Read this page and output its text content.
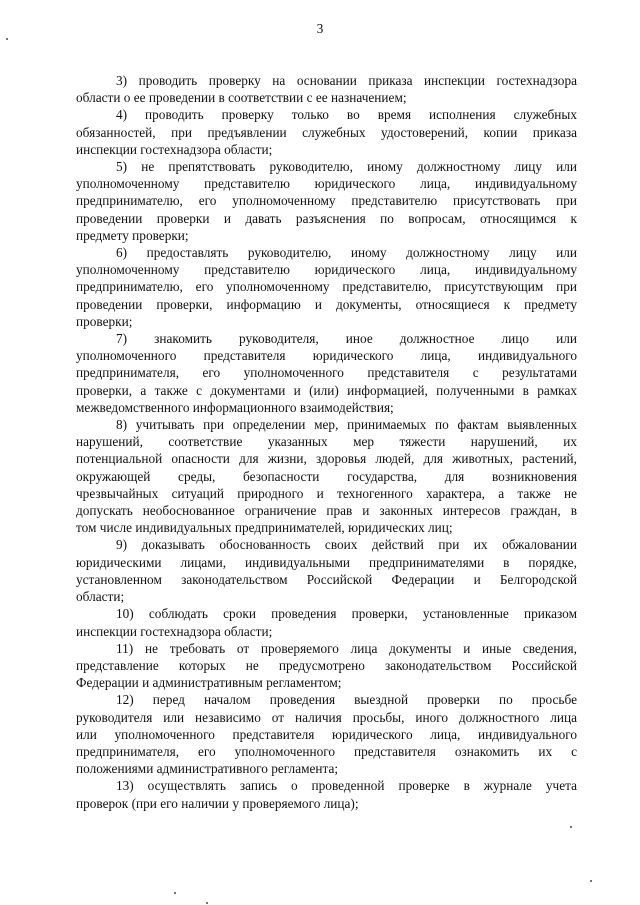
3
3) проводить проверку на основании приказа инспекции гостехнадзора
области о ее проведении в соответствии с ее назначением;
4) проводить проверку только во время исполнения служебных
обязанностей, при предъявлении служебных удостоверений, копии приказа
инспекции гостехнадзора области;
5) не препятствовать руководителю, иному должностному лицу или
уполномоченному представителю юридического лица, индивидуальному
предпринимателю, его уполномоченному представителю присутствовать при
проведении проверки и давать разъяснения по вопросам, относящимся к
предмету проверки;
6) предоставлять руководителю, иному должностному лицу или
уполномоченному представителю юридического лица, индивидуальному
предпринимателю, его уполномоченному представителю, присутствующим при
проведении проверки, информацию и документы, относящиеся к предмету
проверки;
7) знакомить руководителя, иное должностное лицо или
уполномоченного представителя юридического лица, индивидуального
предпринимателя, его уполномоченного представителя с результатами
проверки, а также с документами и (или) информацией, полученными в рамках
межведомственного информационного взаимодействия;
8) учитывать при определении мер, принимаемых по фактам выявленных
нарушений, соответствие указанных мер тяжести нарушений, их
потенциальной опасности для жизни, здоровья людей, для животных, растений,
окружающей среды, безопасности государства, для возникновения
чрезвычайных ситуаций природного и техногенного характера, а также не
допускать необоснованное ограничение прав и законных интересов граждан, в
том числе индивидуальных предпринимателей, юридических лиц;
9) доказывать обоснованность своих действий при их обжаловании
юридическими лицами, индивидуальными предпринимателями в порядке,
установленном законодательством Российской Федерации и Белгородской
области;
10) соблюдать сроки проведения проверки, установленные приказом
инспекции гостехнадзора области;
11) не требовать от проверяемого лица документы и иные сведения,
представление которых не предусмотрено законодательством Российской
Федерации и административным регламентом;
12) перед началом проведения выездной проверки по просьбе
руководителя или независимо от наличия просьбы, иного должностного лица
или уполномоченного представителя юридического лица, индивидуального
предпринимателя, его уполномоченного представителя ознакомить их с
положениями административного регламента;
13) осуществлять запись о проведенной проверке в журнале учета
проверок (при его наличии у проверяемого лица);
